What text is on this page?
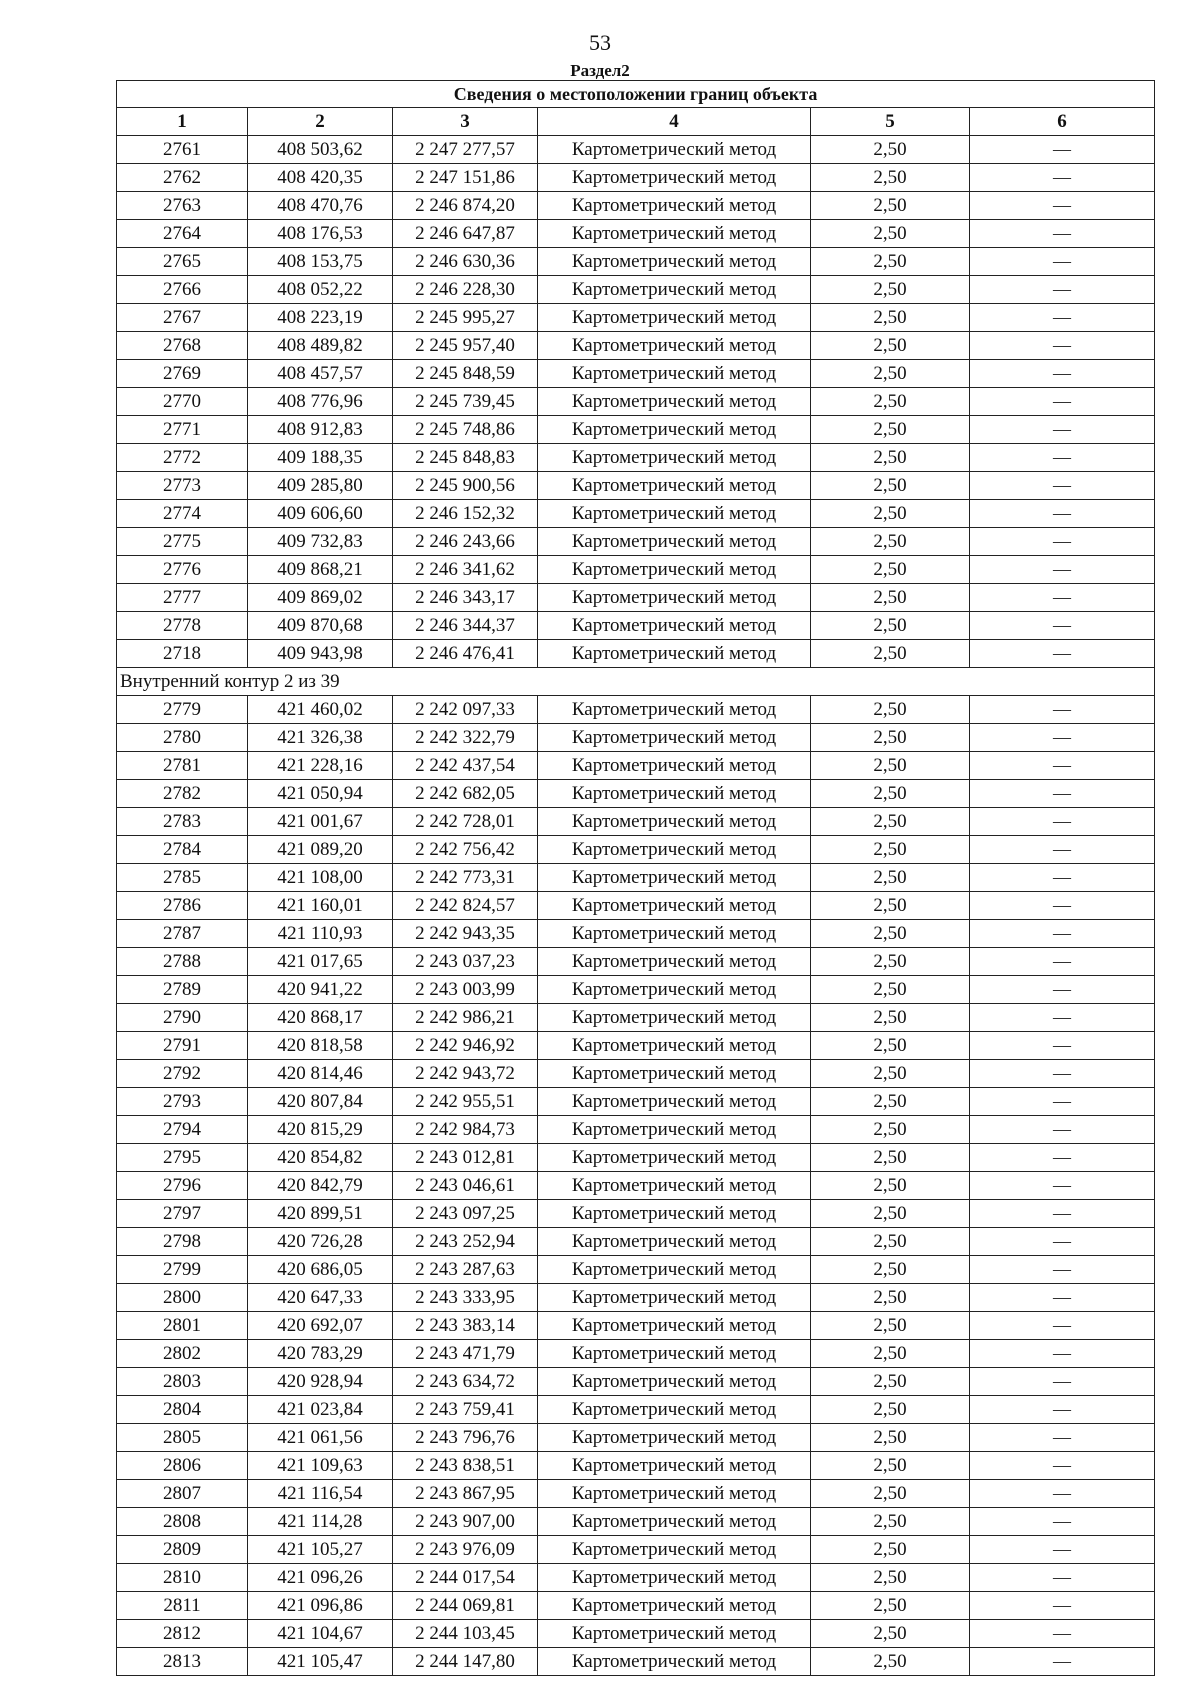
53
Раздел2
Сведения о местоположении границ объекта					
1	2	3	4	5	6
2761	408 503,62	2 247 277,57	Картометрический метод	2,50	—
2762	408 420,35	2 247 151,86	Картометрический метод	2,50	—
2763	408 470,76	2 246 874,20	Картометрический метод	2,50	—
2764	408 176,53	2 246 647,87	Картометрический метод	2,50	—
2765	408 153,75	2 246 630,36	Картометрический метод	2,50	—
2766	408 052,22	2 246 228,30	Картометрический метод	2,50	—
2767	408 223,19	2 245 995,27	Картометрический метод	2,50	—
2768	408 489,82	2 245 957,40	Картометрический метод	2,50	—
2769	408 457,57	2 245 848,59	Картометрический метод	2,50	—
2770	408 776,96	2 245 739,45	Картометрический метод	2,50	—
2771	408 912,83	2 245 748,86	Картометрический метод	2,50	—
2772	409 188,35	2 245 848,83	Картометрический метод	2,50	—
2773	409 285,80	2 245 900,56	Картометрический метод	2,50	—
2774	409 606,60	2 246 152,32	Картометрический метод	2,50	—
2775	409 732,83	2 246 243,66	Картометрический метод	2,50	—
2776	409 868,21	2 246 341,62	Картометрический метод	2,50	—
2777	409 869,02	2 246 343,17	Картометрический метод	2,50	—
2778	409 870,68	2 246 344,37	Картометрический метод	2,50	—
2718	409 943,98	2 246 476,41	Картометрический метод	2,50	—
Внутренний контур 2 из 39					
2779	421 460,02	2 242 097,33	Картометрический метод	2,50	—
2780	421 326,38	2 242 322,79	Картометрический метод	2,50	—
2781	421 228,16	2 242 437,54	Картометрический метод	2,50	—
2782	421 050,94	2 242 682,05	Картометрический метод	2,50	—
2783	421 001,67	2 242 728,01	Картометрический метод	2,50	—
2784	421 089,20	2 242 756,42	Картометрический метод	2,50	—
2785	421 108,00	2 242 773,31	Картометрический метод	2,50	—
2786	421 160,01	2 242 824,57	Картометрический метод	2,50	—
2787	421 110,93	2 242 943,35	Картометрический метод	2,50	—
2788	421 017,65	2 243 037,23	Картометрический метод	2,50	—
2789	420 941,22	2 243 003,99	Картометрический метод	2,50	—
2790	420 868,17	2 242 986,21	Картометрический метод	2,50	—
2791	420 818,58	2 242 946,92	Картометрический метод	2,50	—
2792	420 814,46	2 242 943,72	Картометрический метод	2,50	—
2793	420 807,84	2 242 955,51	Картометрический метод	2,50	—
2794	420 815,29	2 242 984,73	Картометрический метод	2,50	—
2795	420 854,82	2 243 012,81	Картометрический метод	2,50	—
2796	420 842,79	2 243 046,61	Картометрический метод	2,50	—
2797	420 899,51	2 243 097,25	Картометрический метод	2,50	—
2798	420 726,28	2 243 252,94	Картометрический метод	2,50	—
2799	420 686,05	2 243 287,63	Картометрический метод	2,50	—
2800	420 647,33	2 243 333,95	Картометрический метод	2,50	—
2801	420 692,07	2 243 383,14	Картометрический метод	2,50	—
2802	420 783,29	2 243 471,79	Картометрический метод	2,50	—
2803	420 928,94	2 243 634,72	Картометрический метод	2,50	—
2804	421 023,84	2 243 759,41	Картометрический метод	2,50	—
2805	421 061,56	2 243 796,76	Картометрический метод	2,50	—
2806	421 109,63	2 243 838,51	Картометрический метод	2,50	—
2807	421 116,54	2 243 867,95	Картометрический метод	2,50	—
2808	421 114,28	2 243 907,00	Картометрический метод	2,50	—
2809	421 105,27	2 243 976,09	Картометрический метод	2,50	—
2810	421 096,26	2 244 017,54	Картометрический метод	2,50	—
2811	421 096,86	2 244 069,81	Картометрический метод	2,50	—
2812	421 104,67	2 244 103,45	Картометрический метод	2,50	—
2813	421 105,47	2 244 147,80	Картометрический метод	2,50	—
